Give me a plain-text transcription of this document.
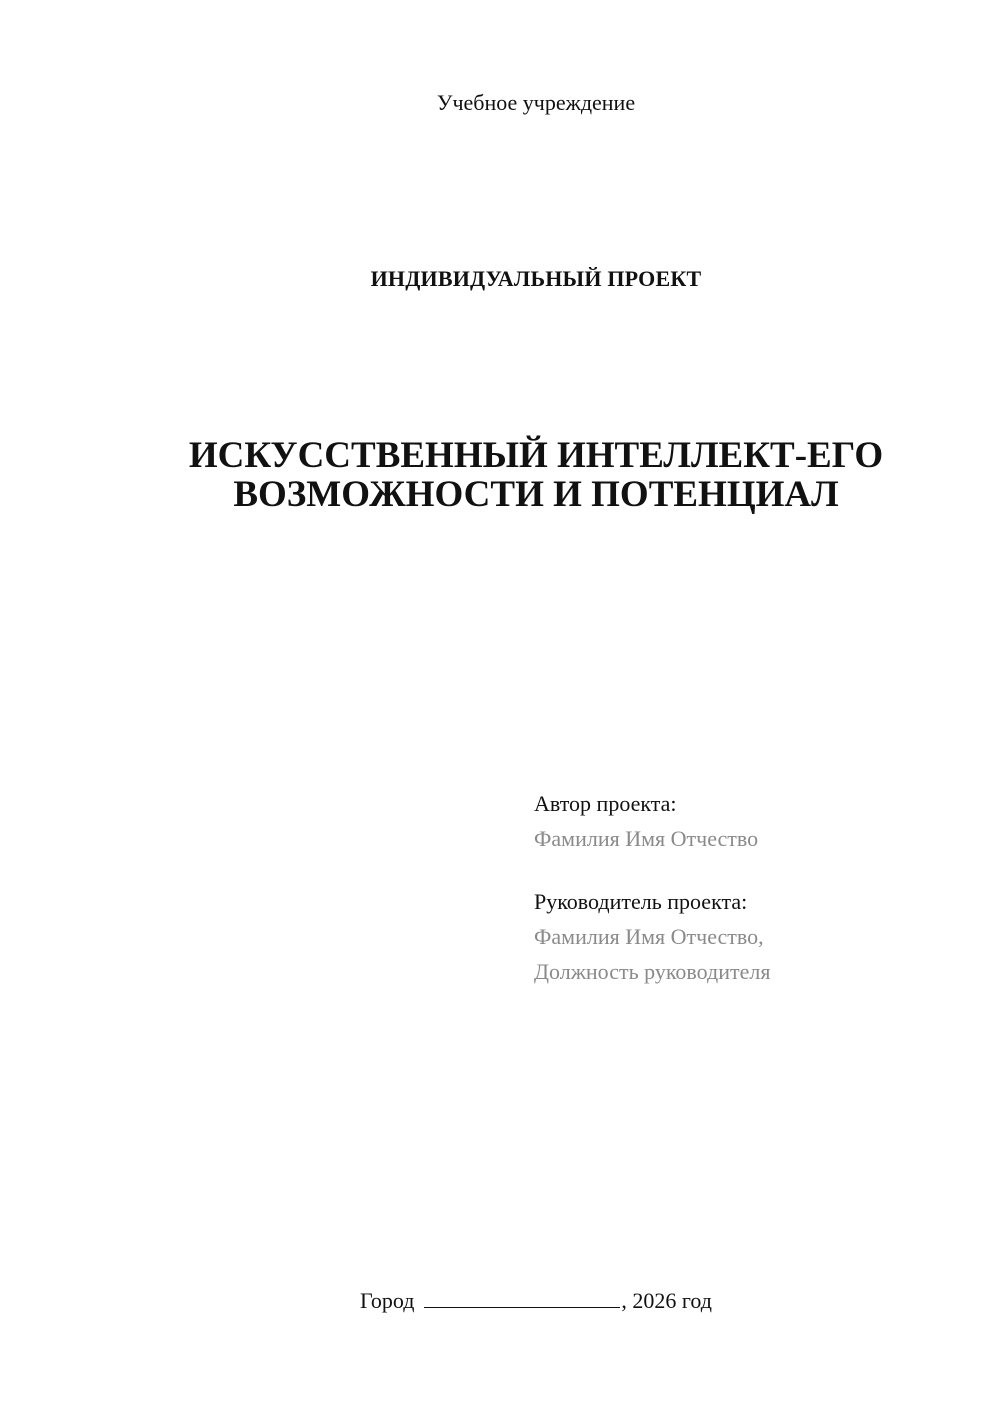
Учебное учреждение
ИНДИВИДУАЛЬНЫЙ ПРОЕКТ
ИСКУССТВЕННЫЙ ИНТЕЛЛЕКТ-ЕГО
ВОЗМОЖНОСТИ И ПОТЕНЦИАЛ
Автор проекта:
Фамилия Имя Отчество
Руководитель проекта:
Фамилия Имя Отчество,
Должность руководителя
Город	, 2026 год
